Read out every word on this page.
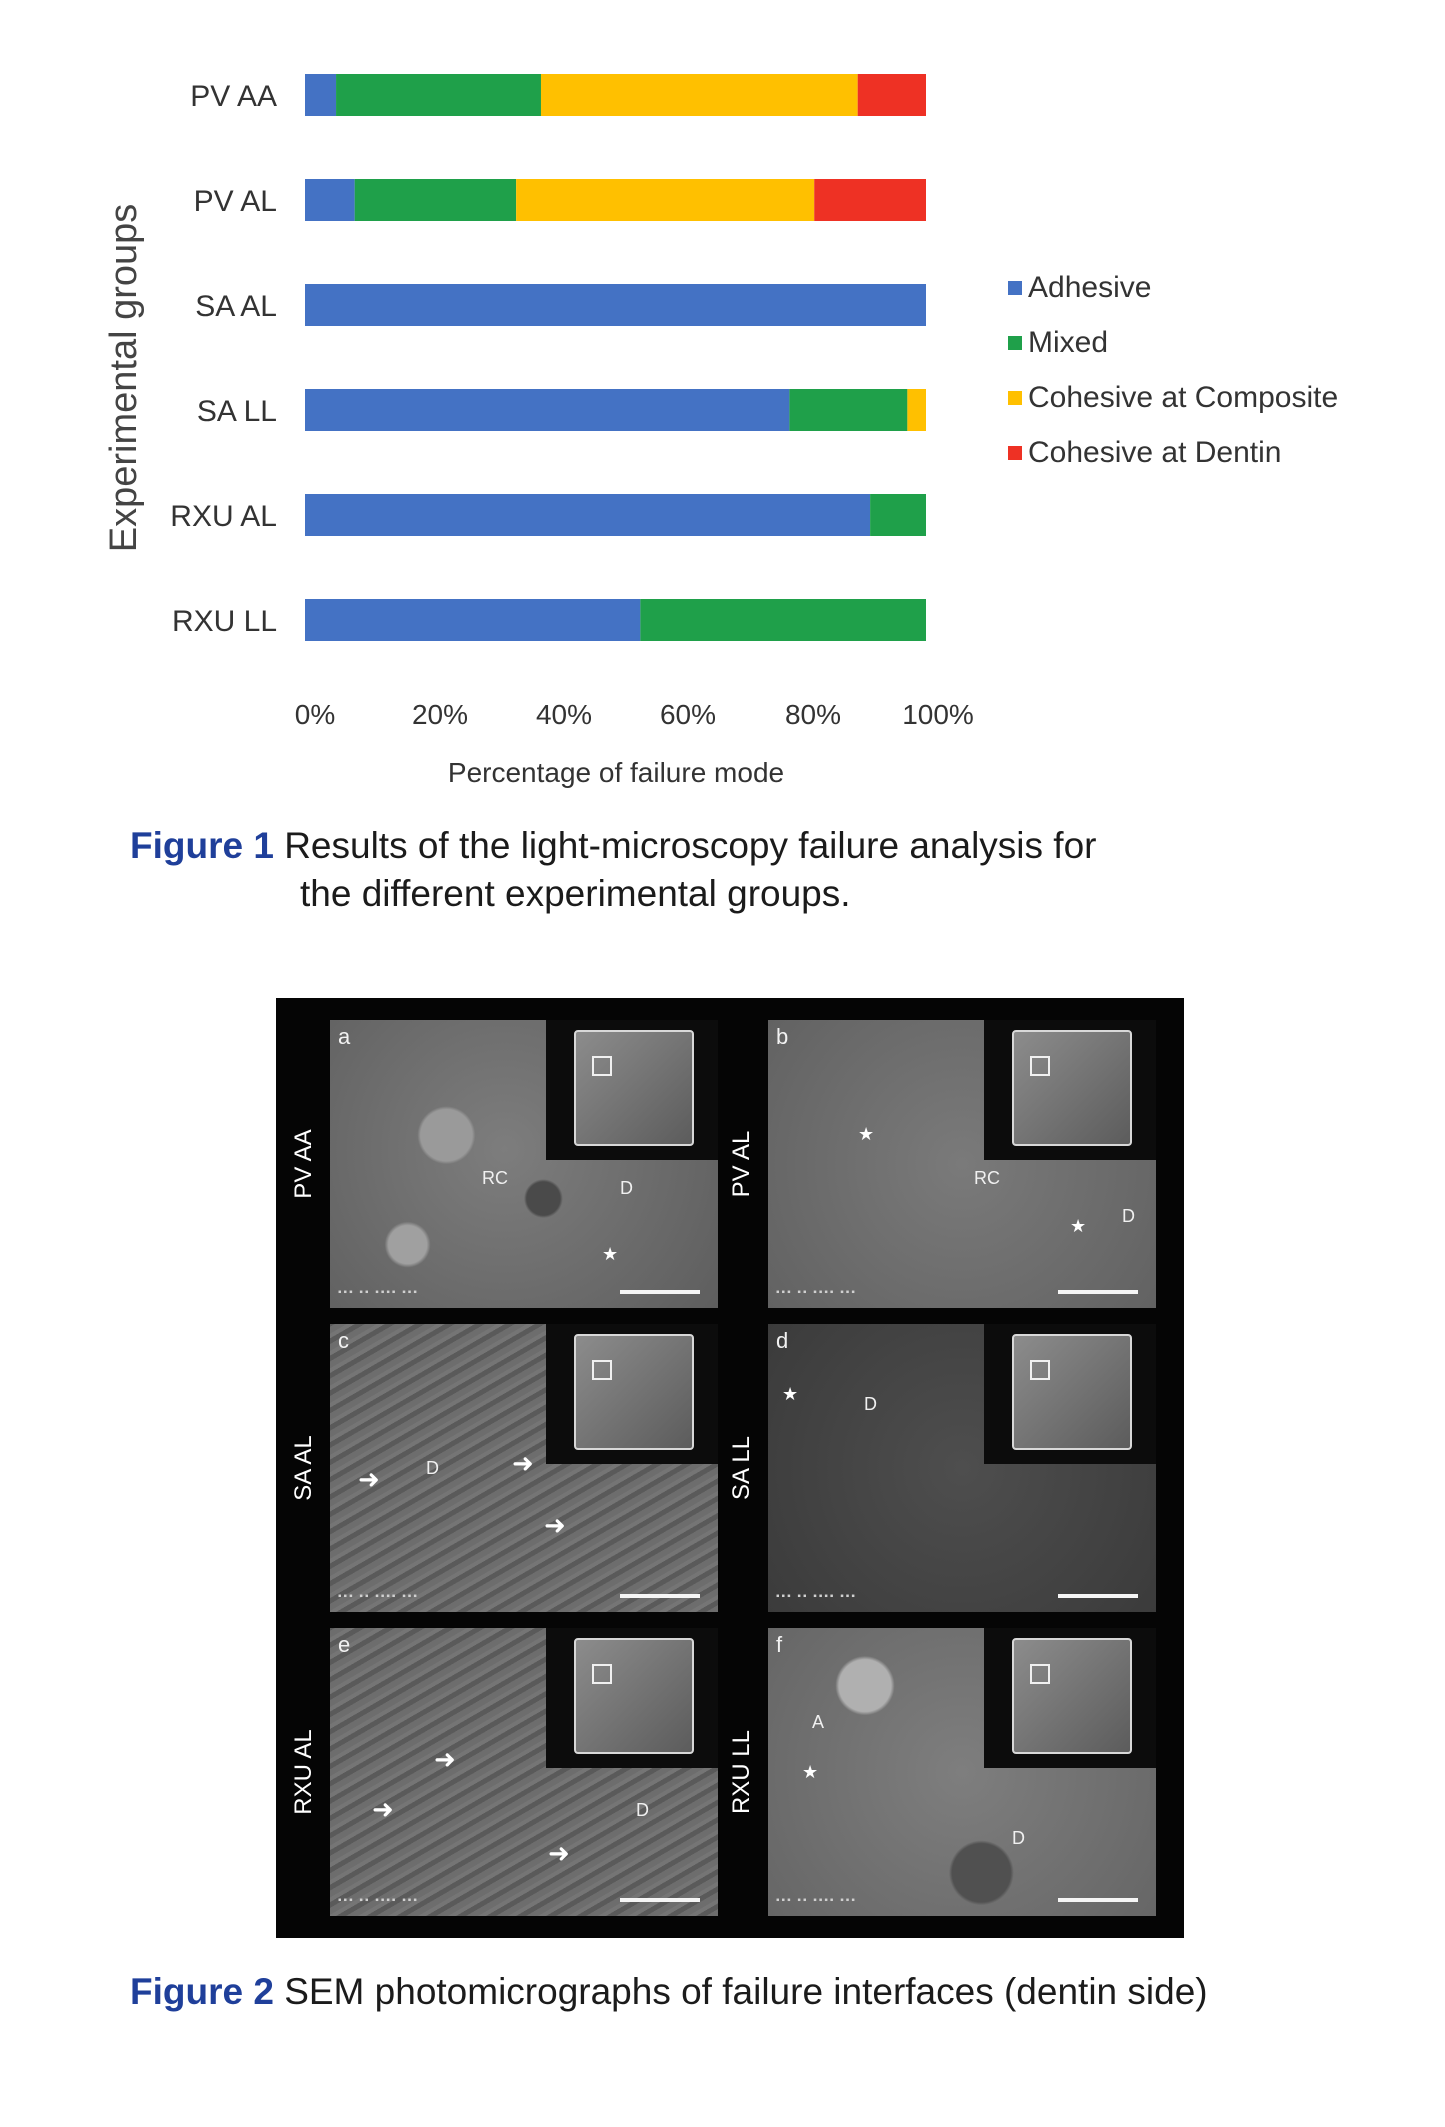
PV AA
PV AL
SA AL
SA LL
RXU AL
RXU LL
0%	20% 40% 60% 80% 100%
Percentage of failure mode
Experimental groups	Adhesive
Mixed
Cohesive at Composite
Cohesive at Dentin
Figure 1 Results of the light-microscopy failure analysis for
the different experimental groups.
a
RC	D
★
▪▪▪ ▪▪ ▪▪▪▪ ▪▪▪
b
RC
D
★
★
▪▪▪ ▪▪ ▪▪▪▪ ▪▪▪
c
D
➜
➜
➜
▪▪▪ ▪▪ ▪▪▪▪ ▪▪▪
d
D
★
▪▪▪ ▪▪ ▪▪▪▪ ▪▪▪
e
D
➜
➜
➜
▪▪▪ ▪▪ ▪▪▪▪ ▪▪▪
f
A
D
★
▪▪▪ ▪▪ ▪▪▪▪ ▪▪▪
PV AA	PV AL
SA AL	SA LL
RXU AL	RXU LL
Figure 2 SEM photomicrographs of failure interfaces (dentin side)
